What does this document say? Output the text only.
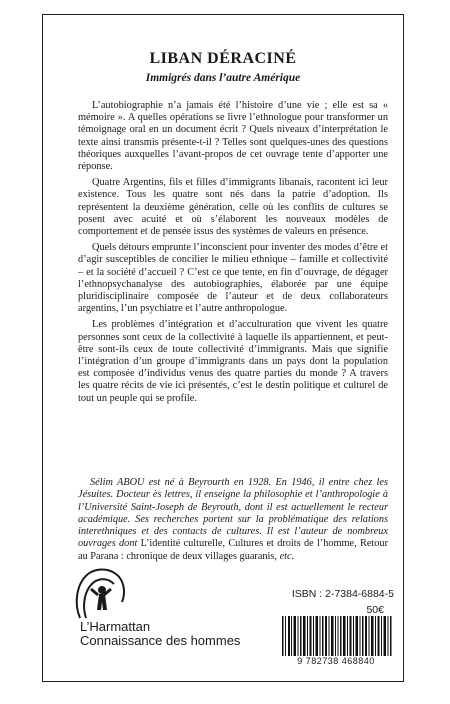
LIBAN DÉRACINÉ
Immigrés dans l’autre Amérique

L’autobiographie n’a jamais été l’histoire d’une vie ; elle est sa « mémoire ». A quelles opérations se livre l’ethnologue pour transformer un témoignage oral en un document écrit ? Quels niveaux d’interprétation le texte ainsi transmis présente-t-il ? Telles sont quelques-unes des questions théoriques auxquelles l’avant-propos de cet ouvrage tente d’apporter une réponse.

Quatre Argentins, fils et filles d’immigrants libanais, racontent ici leur existence. Tous les quatre sont nés dans la patrie d’adoption. Ils représentent la deuxième génération, celle où les conflits de cultures se posent avec acuité et où s’élaborent les nouveaux modèles de comportement et de pensée issus des systèmes de valeurs en présence.

Quels détours emprunte l’inconscient pour inventer des modes d’être et d’agir susceptibles de concilier le milieu ethnique – famille et collectivité – et la société d’accueil ? C’est ce que tente, en fin d’ouvrage, de dégager l’ethnopsychanalyse des autobiographies, élaborée par une équipe pluridisciplinaire composée de l’auteur et de deux collaborateurs argentins, l’un psychiatre et l’autre anthropologue.

Les problèmes d’intégration et d’acculturation que vivent les quatre personnes sont ceux de la collectivité à laquelle ils appartiennent, et peut-être sont-ils ceux de toute collectivité d’immigrants. Mais que signifie l’intégration d’un groupe d’immigrants dans un pays dont la population est composée d’individus venus des quatre parties du monde ? A travers les quatre récits de vie ici présentés, c’est le destin politique et culturel de tout un peuple qui se profile.

Sélim ABOU est né à Beyrourth en 1928. En 1946, il entre chez les Jésuites. Docteur ès lettres, il enseigne la philosophie et l’anthropologie à l’Université Saint-Joseph de Beyrouth, dont il est actuellement le recteur académique. Ses recherches portent sur la problématique des relations interethniques et des contacts de cultures. Il est l’auteur de nombreux ouvrages dont L’identité culturelle, Cultures et droits de l’homme, Retour au Parana : chronique de deux villages guaranis, etc.

L’Harmattan
Connaissance des hommes
ISBN : 2-7384-6884-5
50€
9 782738 468840
